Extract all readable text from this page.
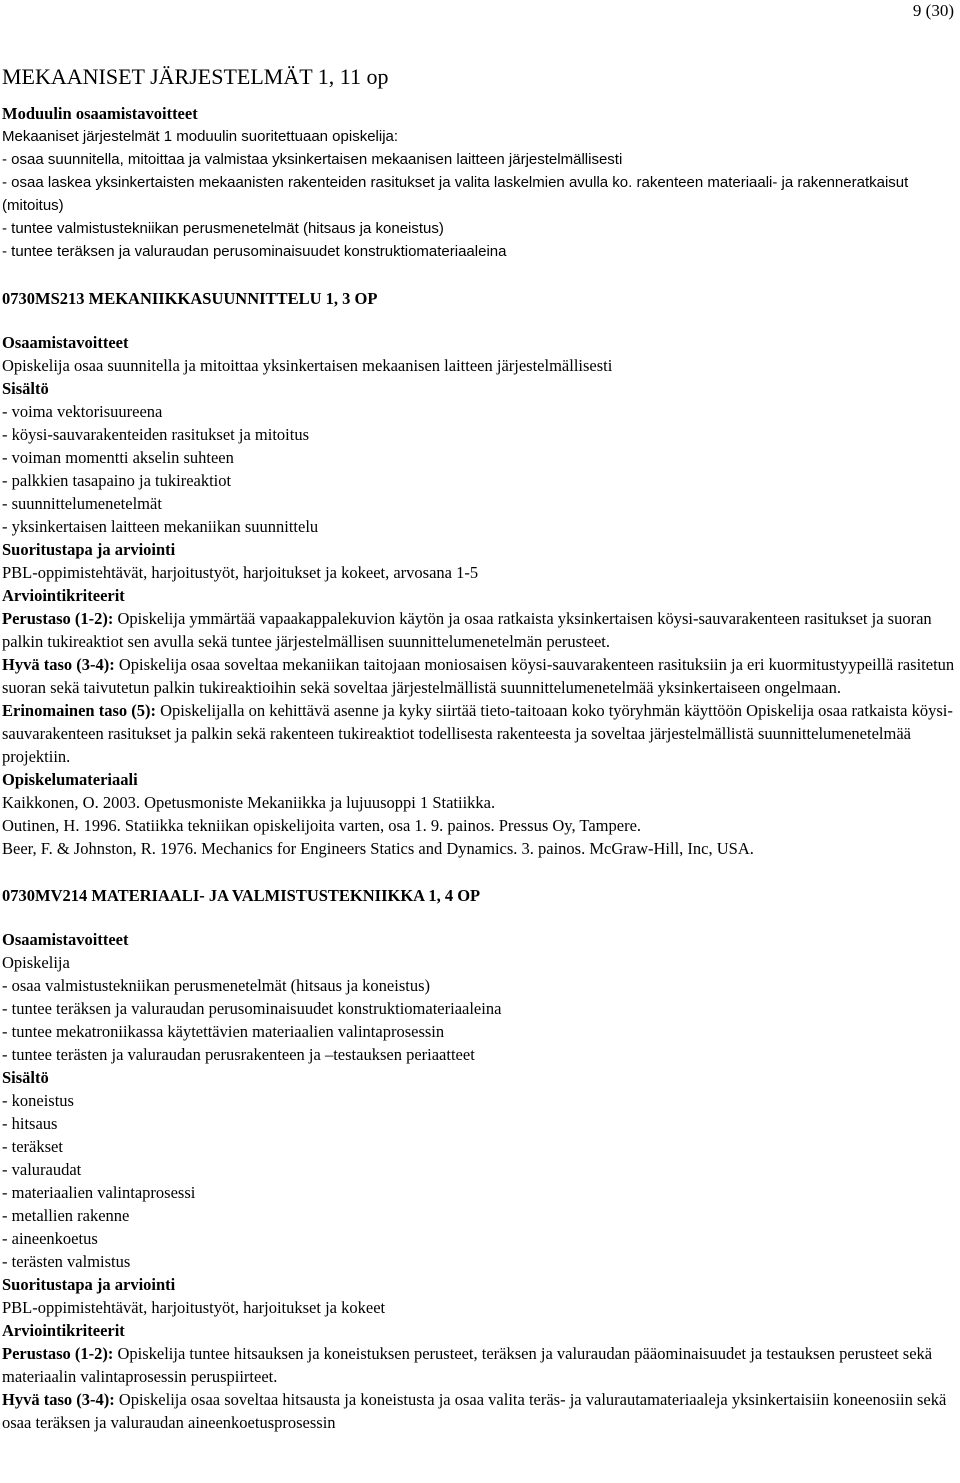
9 (30)
MEKAANISET JÄRJESTELMÄT 1, 11 op
Moduulin osaamistavoitteet
Mekaaniset järjestelmät 1 moduulin suoritettuaan opiskelija:
- osaa suunnitella, mitoittaa ja valmistaa yksinkertaisen mekaanisen laitteen järjestelmällisesti
- osaa laskea yksinkertaisten mekaanisten rakenteiden rasitukset ja valita laskelmien avulla ko. rakenteen materiaali- ja rakenneratkaisut (mitoitus)
- tuntee valmistustekniikan perusmenetelmät (hitsaus ja koneistus)
- tuntee teräksen ja valuraudan perusominaisuudet konstruktiomateriaaleina
0730MS213 MEKANIIKKASUUNNITTELU 1, 3 OP
Osaamistavoitteet
Opiskelija osaa suunnitella ja mitoittaa yksinkertaisen mekaanisen laitteen järjestelmällisesti
Sisältö
- voima vektorisuureena
- köysi-sauvarakenteiden rasitukset ja mitoitus
- voiman momentti akselin suhteen
- palkkien tasapaino ja tukireaktiot
- suunnittelumenetelmät
- yksinkertaisen laitteen mekaniikan suunnittelu
Suoritustapa ja arviointi
PBL-oppimistehtävät, harjoitustyöt, harjoitukset ja kokeet, arvosana 1-5
Arviointikriteerit

Perustaso (1-2): Opiskelija ymmärtää vapaakappalekuvion käytön ja osaa ratkaista yksinkertaisen köysi-sauvarakenteen rasitukset ja suoran palkin tukireaktiot sen avulla sekä tuntee järjestelmällisen suunnittelumenetelmän perusteet.

Hyvä taso (3-4): Opiskelija osaa soveltaa mekaniikan taitojaan moniosaisen köysi-sauvarakenteen rasituksiin ja eri kuormitustyypeillä rasitetun suoran sekä taivutetun palkin tukireaktioihin sekä soveltaa järjestelmällistä suunnittelumenetelmää yksinkertaiseen ongelmaan.

Erinomainen taso (5): Opiskelijalla on kehittävä asenne ja kyky siirtää tieto-taitoaan koko työryhmän käyttöön Opiskelija osaa ratkaista köysi-sauvarakenteen rasitukset ja palkin sekä rakenteen tukireaktiot todellisesta rakenteesta ja soveltaa järjestelmällistä suunnittelumenetelmää projektiin.

Opiskelumateriaali
Kaikkonen, O. 2003. Opetusmoniste Mekaniikka ja lujuusoppi 1 Statiikka.
Outinen, H. 1996. Statiikka tekniikan opiskelijoita varten, osa 1. 9. painos. Pressus Oy, Tampere.
Beer, F. & Johnston, R. 1976. Mechanics for Engineers Statics and Dynamics. 3. painos. McGraw-Hill, Inc, USA.
0730MV214 MATERIAALI- JA VALMISTUSTEKNIIKKA 1, 4 OP
Osaamistavoitteet
Opiskelija
- osaa valmistustekniikan perusmenetelmät (hitsaus ja koneistus)
- tuntee teräksen ja valuraudan perusominaisuudet konstruktiomateriaaleina
- tuntee mekatroniikassa käytettävien materiaalien valintaprosessin
- tuntee terästen ja valuraudan perusrakenteen ja –testauksen periaatteet
Sisältö
- koneistus
- hitsaus
- teräkset
- valuraudat
- materiaalien valintaprosessi
- metallien rakenne
- aineenkoetus
- terästen valmistus
Suoritustapa ja arviointi
PBL-oppimistehtävät, harjoitustyöt, harjoitukset ja kokeet
Arviointikriteerit

Perustaso (1-2): Opiskelija tuntee hitsauksen ja koneistuksen perusteet, teräksen ja valuraudan pääominaisuudet ja testauksen perusteet sekä materiaalin valintaprosessin peruspiirteet.

Hyvä taso (3-4): Opiskelija osaa soveltaa hitsausta ja koneistusta ja osaa valita teräs- ja valurautamateriaaleja yksinkertaisiin koneenosiin sekä osaa teräksen ja valuraudan aineenkoetusprosessin
